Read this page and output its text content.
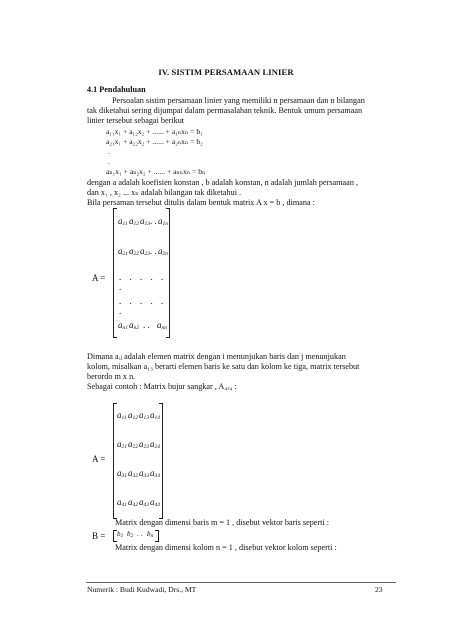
IV. SISTIM PERSAMAAN LINIER
4.1 Pendahuluan
Persoalan sistim persamaan linier yang memiliki n persamaan dan n bilangan
tak diketahui sering dijumpai dalam permasalahan teknik. Bentuk umum persamaan
linier tersebut sebagai berikut
a₁₁x₁ + a₁₂x₂ + ...... + a₁ₙxₙ = b₁
a₂₁x₁ + a₂₂x₂ + ...... + a₂ₙxₙ = b₂
.
.
aₙ₁x₁ + aₙ₂x₂ + ...... + aₙₙxₙ = bₙ
dengan a adalah koefisien konstan , b adalah konstan, n adalah jumlah persamaan ,
dan x₁ , x₂ ... xₙ adalah bilangan tak diketahui .
Bila persaman tersebut ditulis dalam bentuk matrix A x = b , dimana :
A =
$a_{11}$ $a_{12}$ $a_{13}$ . . $a_{1n}$
$a_{21}$ $a_{22}$ $a_{23}$ . . $a_{2n}$
. . . . . .
. . . . . .
$a_{n1}$ $a_{n2}$ . . $a_{nn}$
Dimana aᵢⱼ adalah elemen matrix dengan i menunjukan baris dan j menunjukan
kolom, misalkan a₁₃ berarti elemen baris ke satu dan kolom ke tiga, matrix tersebut
berordo m x n.
Sebagai contoh : Matrix bujur sangkar , A₄ₓ₄ :
A =
$a_{11}$ $a_{12}$ $a_{13}$ $a_{14}$
$a_{21}$ $a_{22}$ $a_{23}$ $a_{24}$
$a_{31}$ $a_{32}$ $a_{33}$ $a_{34}$
$a_{41}$ $a_{42}$ $a_{43}$ $a_{44}$
Matrix dengan dimensi baris m = 1 , disebut vektor baris seperti :
$B = b_1$ $b_2$ . . $b_n$
Matrix dengan dimensi kolom n = 1 , disebut vektor kolom seperti :
Numerik : Budi Kudwadi, Drs., MT	23
